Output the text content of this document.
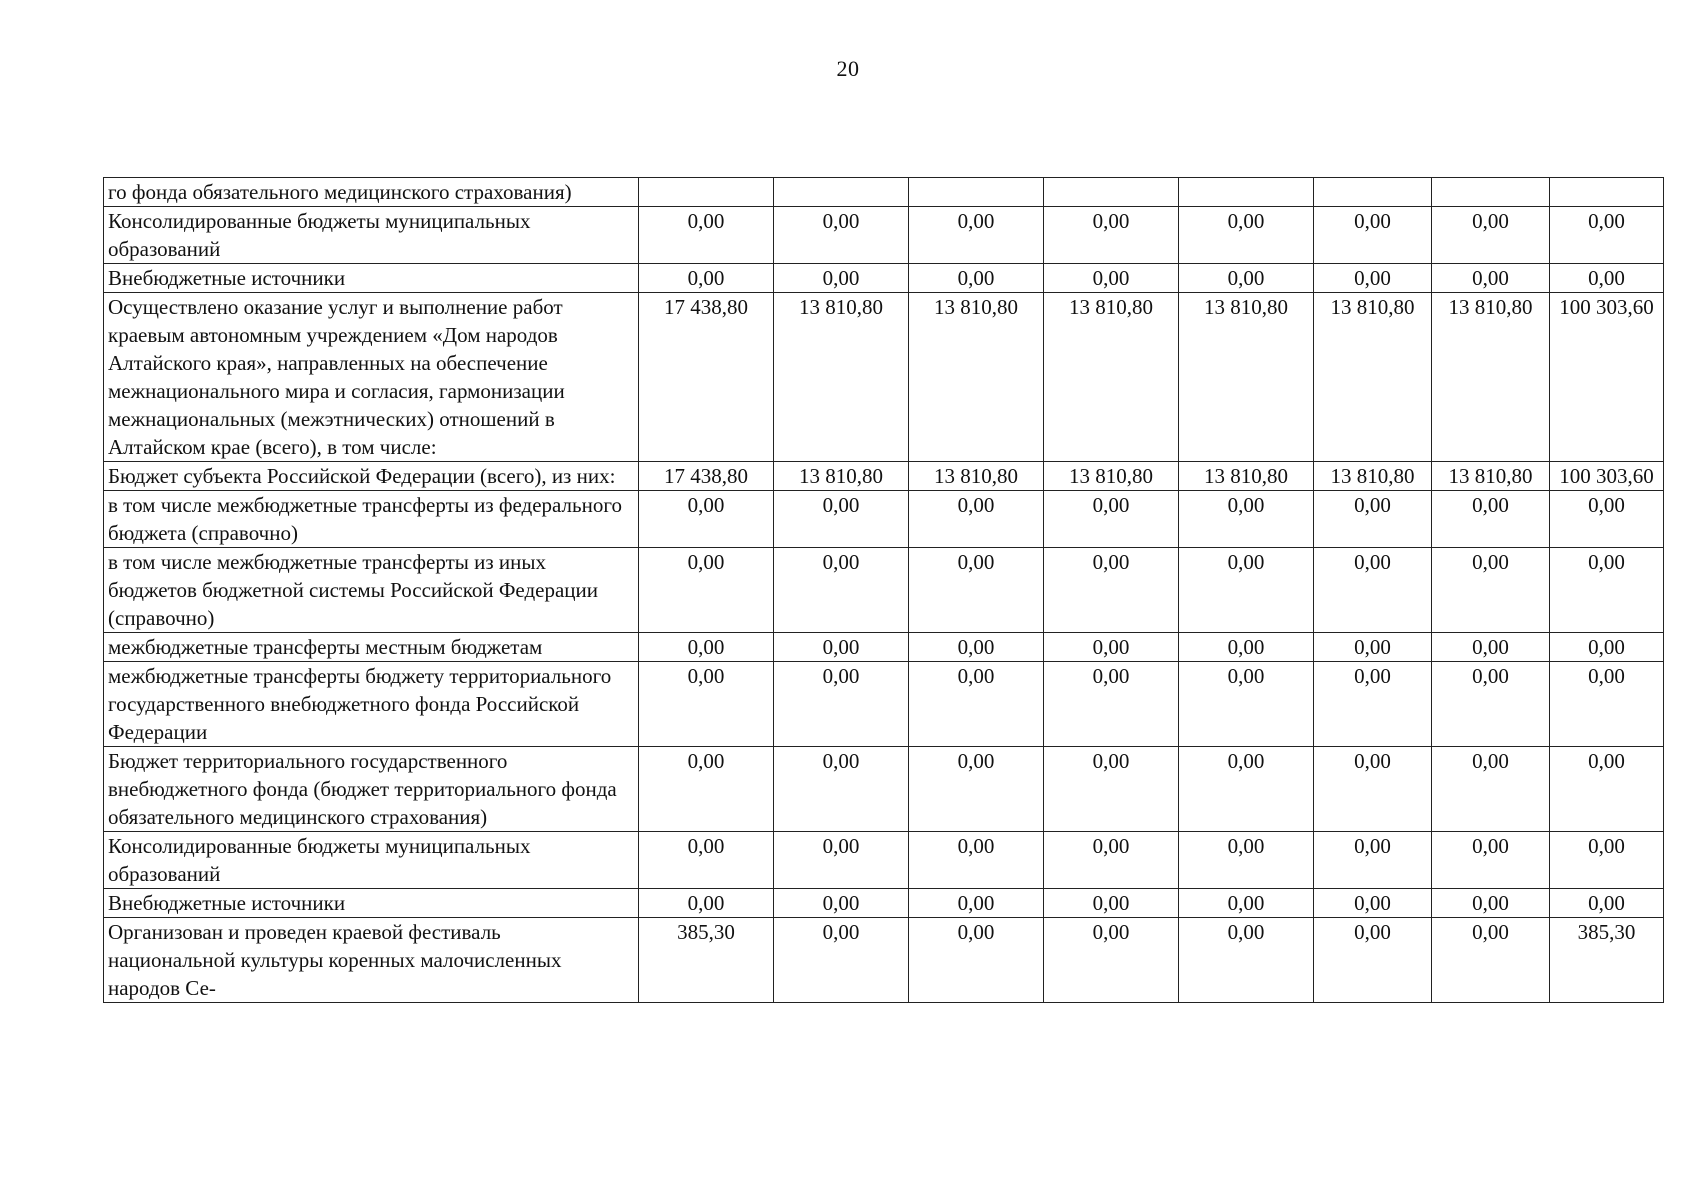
20
го фонда обязательного медицинского страхования)								
Консолидированные бюджеты муниципальных образований	0,00	0,00	0,00	0,00	0,00	0,00	0,00	0,00
Внебюджетные источники	0,00	0,00	0,00	0,00	0,00	0,00	0,00	0,00
Осуществлено оказание услуг и выполнение работ краевым автономным учреждением «Дом народов Алтайского края», направленных на обеспечение межнационального мира и согласия, гармонизации межнациональных (межэтнических) отношений в Алтайском крае (всего), в том числе:	17 438,80	13 810,80	13 810,80	13 810,80	13 810,80	13 810,80	13 810,80	100 303,60
Бюджет субъекта Российской Федерации (всего), из них:	17 438,80	13 810,80	13 810,80	13 810,80	13 810,80	13 810,80	13 810,80	100 303,60
в том числе межбюджетные трансферты из федерального бюджета (справочно)	0,00	0,00	0,00	0,00	0,00	0,00	0,00	0,00
в том числе межбюджетные трансферты из иных бюджетов бюджетной системы Российской Федерации (справочно)	0,00	0,00	0,00	0,00	0,00	0,00	0,00	0,00
межбюджетные трансферты местным бюджетам	0,00	0,00	0,00	0,00	0,00	0,00	0,00	0,00
межбюджетные трансферты бюджету территориального государственного внебюджетного фонда Российской Федерации	0,00	0,00	0,00	0,00	0,00	0,00	0,00	0,00
Бюджет территориального государственного внебюджетного фонда (бюджет территориального фонда обязательного медицинского страхования)	0,00	0,00	0,00	0,00	0,00	0,00	0,00	0,00
Консолидированные бюджеты муниципальных образований	0,00	0,00	0,00	0,00	0,00	0,00	0,00	0,00
Внебюджетные источники	0,00	0,00	0,00	0,00	0,00	0,00	0,00	0,00
Организован и проведен краевой фестиваль национальной культуры коренных малочисленных народов Се-	385,30	0,00	0,00	0,00	0,00	0,00	0,00	385,30
